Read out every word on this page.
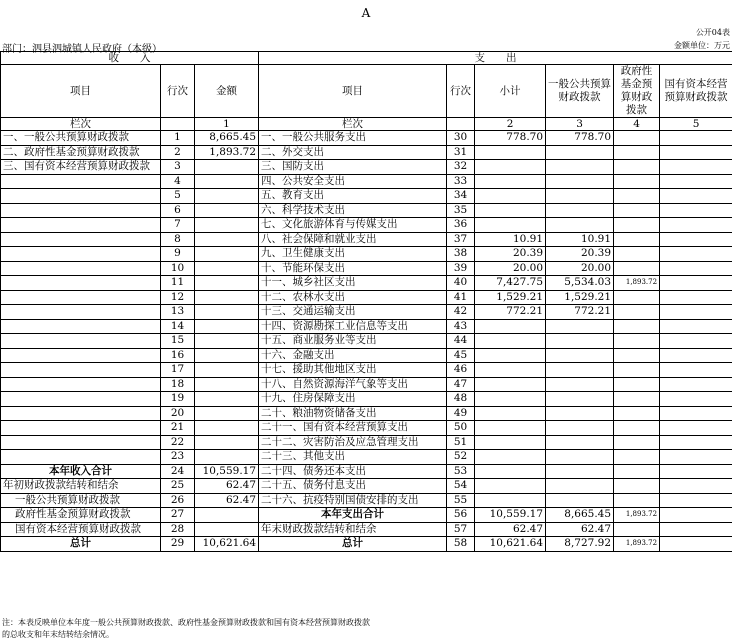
A
公开04表
部门：泗县泗城镇人民政府（本级）	金额单位：万元
收　　入			支　　出					
项目	行次	金额	项目	行次	小计	一般公共预算财政拨款	政府性基金预算财政拨款	国有资本经营预算财政拨款
栏次		1	栏次		2	3	4	5
一、一般公共预算财政拨款	1	8,665.45	一、一般公共服务支出	30	778.70	778.70		
二、政府性基金预算财政拨款	2	1,893.72	二、外交支出	31				
三、国有资本经营预算财政拨款	3		三、国防支出	32				
	4		四、公共安全支出	33				
	5		五、教育支出	34				
	6		六、科学技术支出	35				
	7		七、文化旅游体育与传媒支出	36				
	8		八、社会保障和就业支出	37	10.91	10.91		
	9		九、卫生健康支出	38	20.39	20.39		
	10		十、节能环保支出	39	20.00	20.00		
	11		十一、城乡社区支出	40	7,427.75	5,534.03	1,893.72	
	12		十二、农林水支出	41	1,529.21	1,529.21		
	13		十三、交通运输支出	42	772.21	772.21		
	14		十四、资源勘探工业信息等支出	43				
	15		十五、商业服务业等支出	44				
	16		十六、金融支出	45				
	17		十七、援助其他地区支出	46				
	18		十八、自然资源海洋气象等支出	47				
	19		十九、住房保障支出	48				
	20		二十、粮油物资储备支出	49				
	21		二十一、国有资本经营预算支出	50				
	22		二十二、灾害防治及应急管理支出	51				
	23		二十三、其他支出	52				
本年收入合计	24	10,559.17	二十四、债务还本支出	53				
年初财政拨款结转和结余	25	62.47	二十五、债务付息支出	54				
一般公共预算财政拨款	26	62.47	二十六、抗疫特别国债安排的支出	55				
政府性基金预算财政拨款	27		本年支出合计	56	10,559.17	8,665.45	1,893.72	
国有资本经营预算财政拨款	28		年末财政拨款结转和结余	57	62.47	62.47		
总计	29	10,621.64	总计	58	10,621.64	8,727.92	1,893.72	
注：本表反映单位本年度一般公共预算财政拨款、政府性基金预算财政拨款和国有资本经营预算财政拨款
的总收支和年末结转结余情况。
